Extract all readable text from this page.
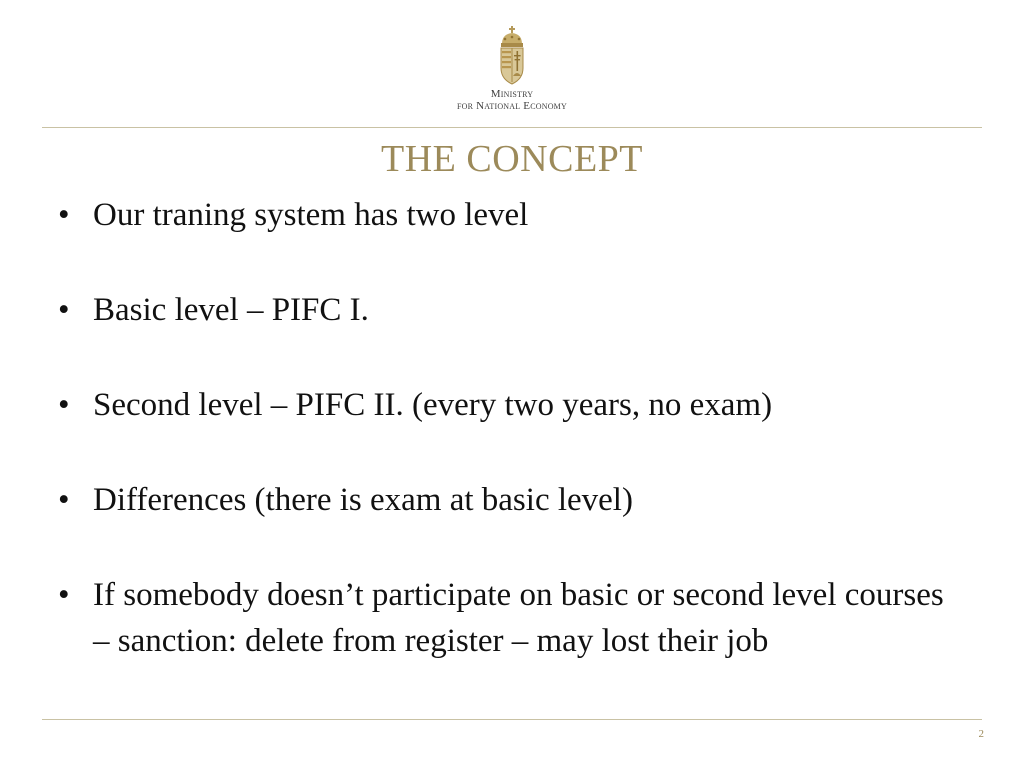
Ministry
for National Economy
THE CONCEPT
• Our traning system has two level
• Basic level – PIFC I.
• Second level – PIFC II. (every two years, no exam)
• Differences (there is exam at basic level)
• If somebody doesn’t participate on basic or second level courses – sanction: delete from register – may lost their job
2
